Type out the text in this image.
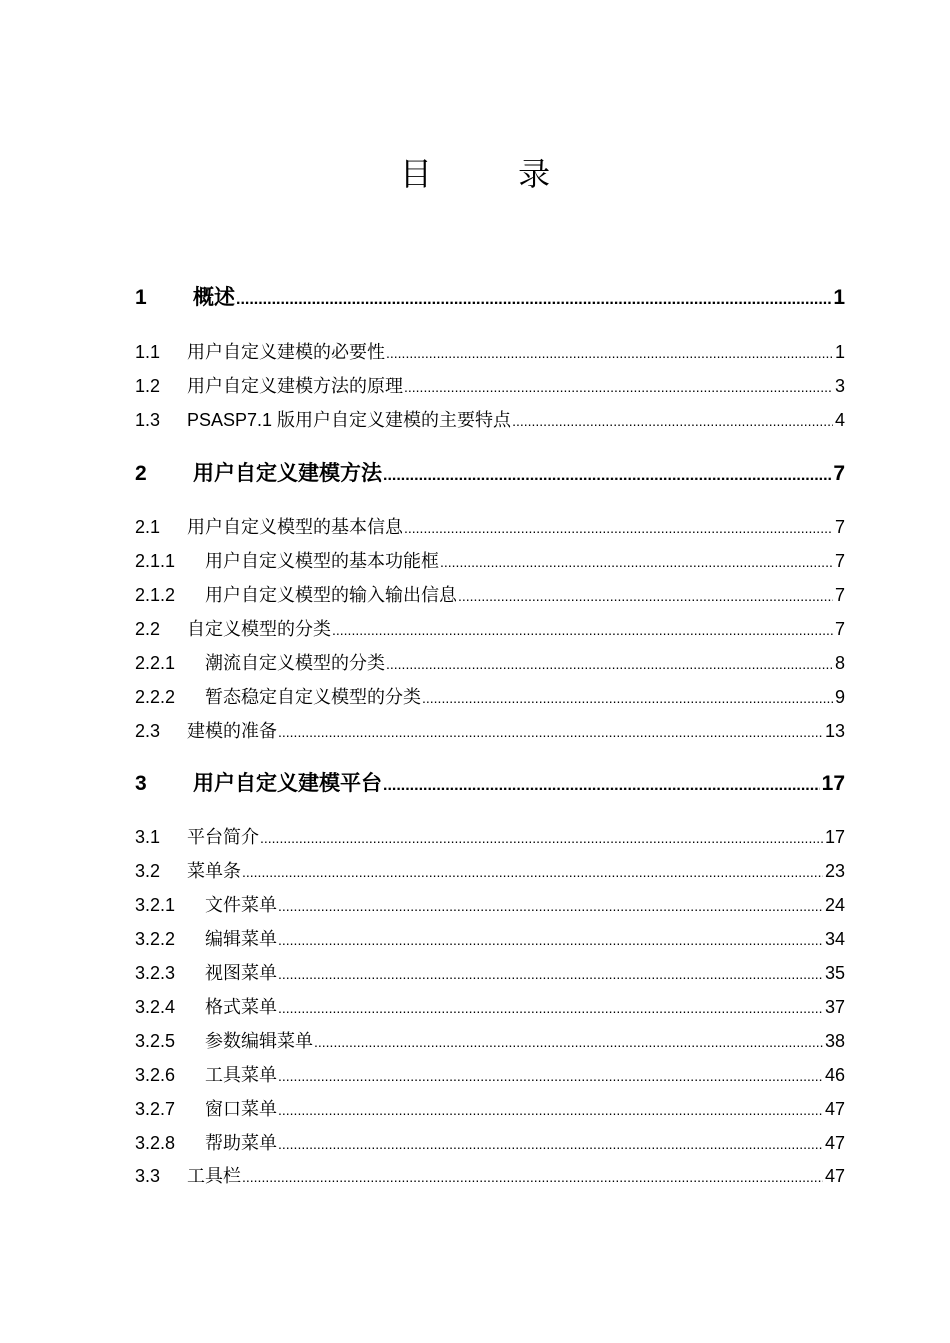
目 录
1	概述 .....	1
1.1	用户自定义建模的必要性 .....	1
1.2	用户自定义建模方法的原理 .....	3
1.3	PSASP7.1 版用户自定义建模的主要特点 .....	4
2	用户自定义建模方法 .....	7
2.1	用户自定义模型的基本信息 .....	7
2.1.1	用户自定义模型的基本功能框 .....	7
2.1.2	用户自定义模型的输入输出信息 .....	7
2.2	自定义模型的分类 .....	7
2.2.1	潮流自定义模型的分类 .....	8
2.2.2	暂态稳定自定义模型的分类 .....	9
2.3	建模的准备 .....	13
3	用户自定义建模平台 .....	17
3.1	平台简介 .....	17
3.2	菜单条 .....	23
3.2.1	文件菜单 .....	24
3.2.2	编辑菜单 .....	34
3.2.3	视图菜单 .....	35
3.2.4	格式菜单 .....	37
3.2.5	参数编辑菜单 .....	38
3.2.6	工具菜单 .....	46
3.2.7	窗口菜单 .....	47
3.2.8	帮助菜单 .....	47
3.3	工具栏 .....	47
